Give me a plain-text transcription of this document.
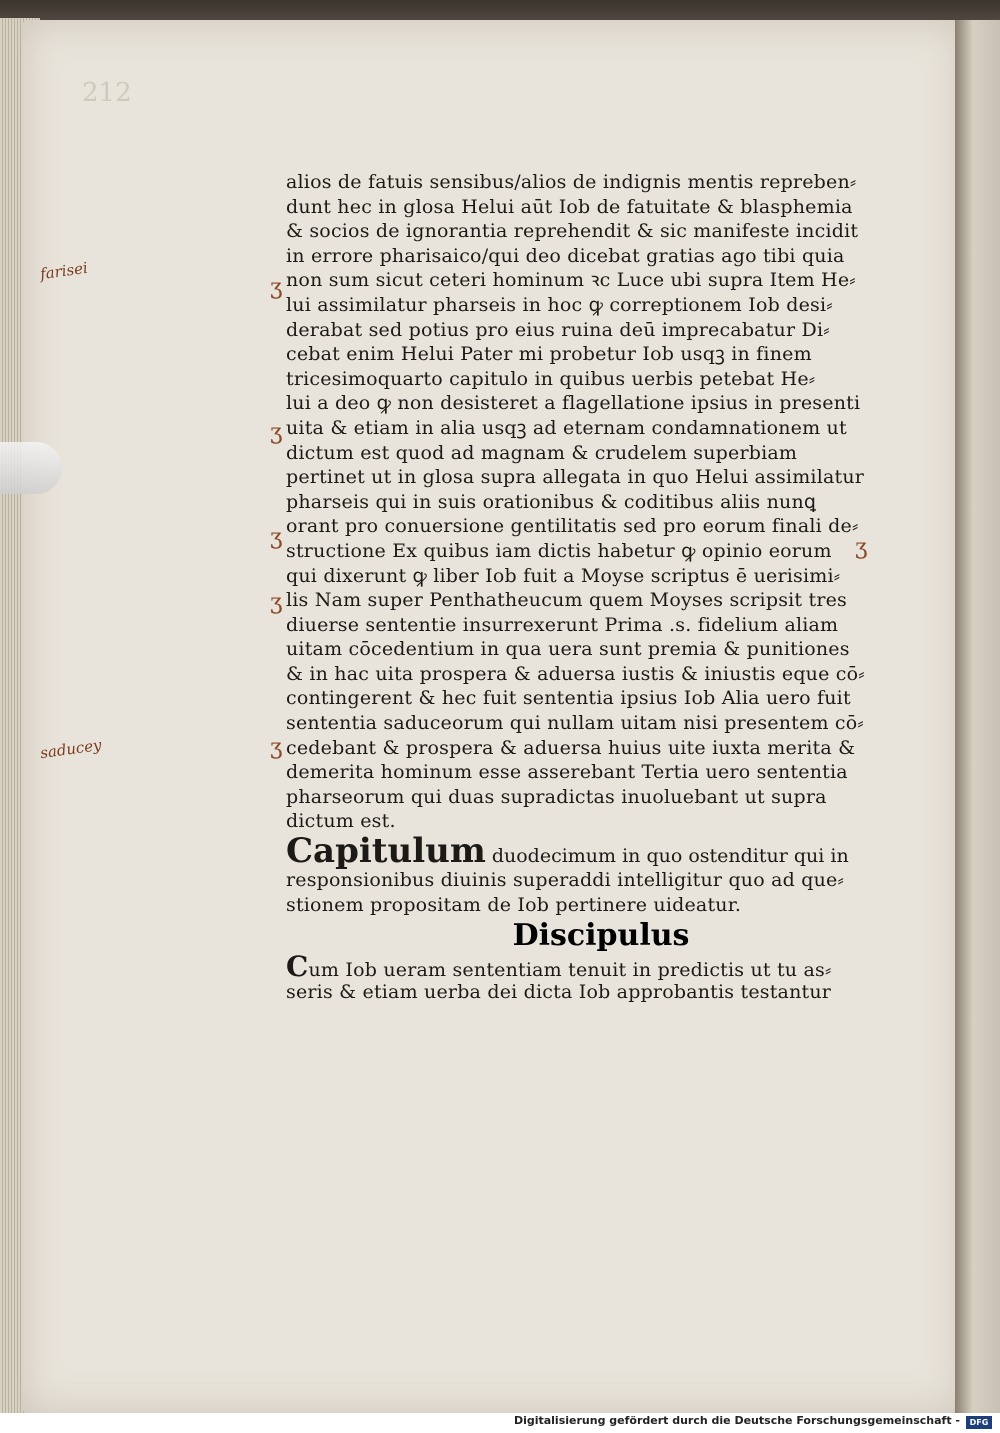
212
farisei
saducey
ʒ
ʒ
ʒ
ʒ
ʒ
ʒ
alios de fatuis sensibus/alios de indignis mentis repreben⸗
dunt hec in glosa Helui aūt Iob de fatuitate & blasphemia
& socios de ignorantia reprehendit & sic manifeste incidit
in errore pharisaico/qui deo dicebat gratias ago tibi quia
non sum sicut ceteri hominum ꝛc Luce ubi supra Item He⸗
lui assimilatur pharseis in hoc ꝙ correptionem Iob desi⸗
derabat sed potius pro eius ruina deū imprecabatur Di⸗
cebat enim Helui Pater mi probetur Iob usqꝫ in finem
tricesimoquarto capitulo in quibus uerbis petebat He⸗
lui a deo ꝙ non desisteret a flagellatione ipsius in presenti
uita & etiam in alia usqꝫ ad eternam condamnationem ut
dictum est quod ad magnam & crudelem superbiam
pertinet ut in glosa supra allegata in quo Helui assimilatur
pharseis qui in suis orationibus & coditibus aliis nunꝗ
orant pro conuersione gentilitatis sed pro eorum finali de⸗
structione Ex quibus iam dictis habetur ꝙ opinio eorum
qui dixerunt ꝙ liber Iob fuit a Moyse scriptus ē uerisimi⸗
lis Nam super Penthatheucum quem Moyses scripsit tres
diuerse sententie insurrexerunt Prima .s. fidelium aliam
uitam cōcedentium in qua uera sunt premia & punitiones
& in hac uita prospera & aduersa iustis & iniustis eque cō⸗
contingerent & hec fuit sententia ipsius Iob Alia uero fuit
sententia saduceorum qui nullam uitam nisi presentem cō⸗
cedebant & prospera & aduersa huius uite iuxta merita &
demerita hominum esse asserebant Tertia uero sententia
pharseorum qui duas supradictas inuoluebant ut supra
dictum est.
Capitulum duodecimum in quo ostenditur qui in
responsionibus diuinis superaddi intelligitur quo ad que⸗
stionem propositam de Iob pertinere uideatur.
Discipulus
Cum Iob ueram sententiam tenuit in predictis ut tu as⸗
seris & etiam uerba dei dicta Iob approbantis testantur
Digitalisierung gefördert durch die Deutsche Forschungsgemeinschaft -	DFG
